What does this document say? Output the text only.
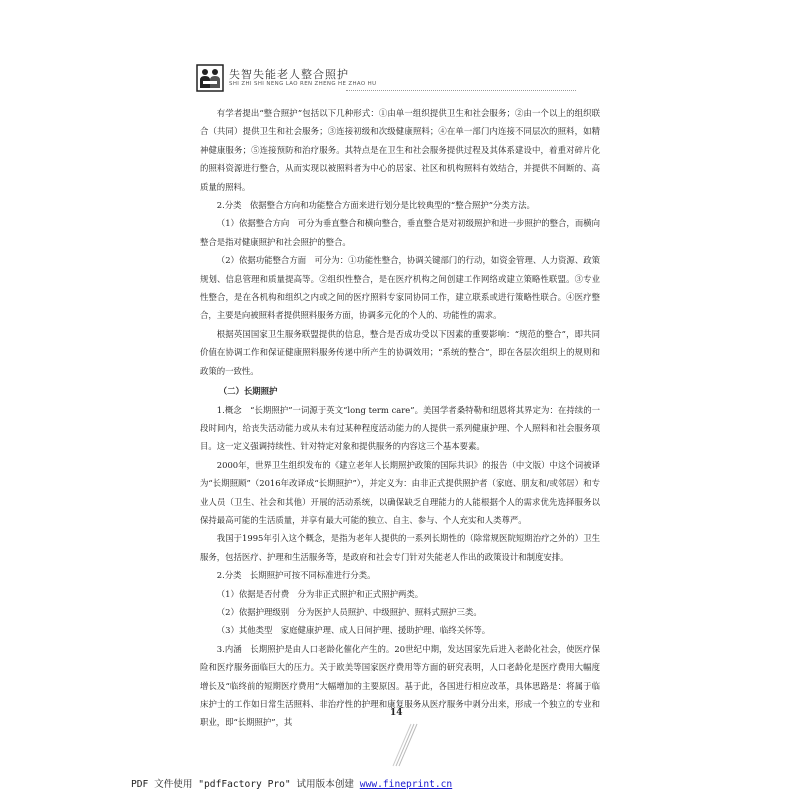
失智失能老人整合照护
SHI ZHI SHI NENG LAO REN ZHENG HE ZHAO HU

有学者提出“整合照护”包括以下几种形式：①由单一组织提供卫生和社会服务；②由一个以上的组织联合（共同）提供卫生和社会服务；③连接初级和次级健康照料；④在单一部门内连接不同层次的照料，如精神健康服务；⑤连接预防和治疗服务。其特点是在卫生和社会服务提供过程及其体系建设中，着重对碎片化的照料资源进行整合，从而实现以被照料者为中心的居家、社区和机构照料有效结合，并提供不间断的、高质量的照料。

2.分类　依据整合方向和功能整合方面来进行划分是比较典型的“整合照护”分类方法。

（1）依据整合方向　可分为垂直整合和横向整合，垂直整合是对初级照护和进一步照护的整合，而横向整合是指对健康照护和社会照护的整合。

（2）依据功能整合方面　可分为：①功能性整合，协调关键部门的行动，如资金管理、人力资源、政策规划、信息管理和质量提高等。②组织性整合，是在医疗机构之间创建工作网络或建立策略性联盟。③专业性整合，是在各机构和组织之内或之间的医疗照料专家同协同工作，建立联系或进行策略性联合。④医疗整合，主要是向被照料者提供照料服务方面，协调多元化的个人的、功能性的需求。

根据英国国家卫生服务联盟提供的信息，整合是否成功受以下因素的重要影响：“规范的整合”，即共同价值在协调工作和保证健康照料服务传递中所产生的协调效用；“系统的整合”，即在各层次组织上的规则和政策的一致性。

（二）长期照护

1.概念　“长期照护”一词源于英文“long term care”。美国学者桑特勒和纽恩将其界定为：在持续的一段时间内，给丧失活动能力或从未有过某种程度活动能力的人提供一系列健康护理、个人照料和社会服务项目。这一定义强调持续性、针对特定对象和提供服务的内容这三个基本要素。

2000年，世界卫生组织发布的《建立老年人长期照护政策的国际共识》的报告（中文版）中这个词被译为“长期照顾”（2016年改译成“长期照护”），并定义为：由非正式提供照护者（家庭、朋友和/或邻居）和专业人员（卫生、社会和其他）开展的活动系统，以确保缺乏自理能力的人能根据个人的需求优先选择服务以保持最高可能的生活质量，并享有最大可能的独立、自主、参与、个人充实和人类尊严。

我国于1995年引入这个概念，是指为老年人提供的一系列长期性的（除常规医院短期治疗之外的）卫生服务，包括医疗、护理和生活服务等，是政府和社会专门针对失能老人作出的政策设计和制度安排。

2.分类　长期照护可按不同标准进行分类。

（1）依据是否付费　分为非正式照护和正式照护两类。

（2）依据护理级别　分为医护人员照护、中级照护、照料式照护三类。

（3）其他类型　家庭健康护理、成人日间护理、援助护理、临终关怀等。

3.内涵　长期照护是由人口老龄化催化产生的。20世纪中期，发达国家先后进入老龄化社会，使医疗保险和医疗服务面临巨大的压力。关于欧美等国家医疗费用等方面的研究表明，人口老龄化是医疗费用大幅度增长及“临终前的短期医疗费用”大幅增加的主要原因。基于此，各国进行相应改革，具体思路是：将属于临床护士的工作如日常生活照料、非治疗性的护理和康复服务从医疗服务中剥分出来，形成一个独立的专业和职业，即“长期照护”，其

14
PDF 文件使用 "pdfFactory Pro" 试用版本创建 www.fineprint.cn
